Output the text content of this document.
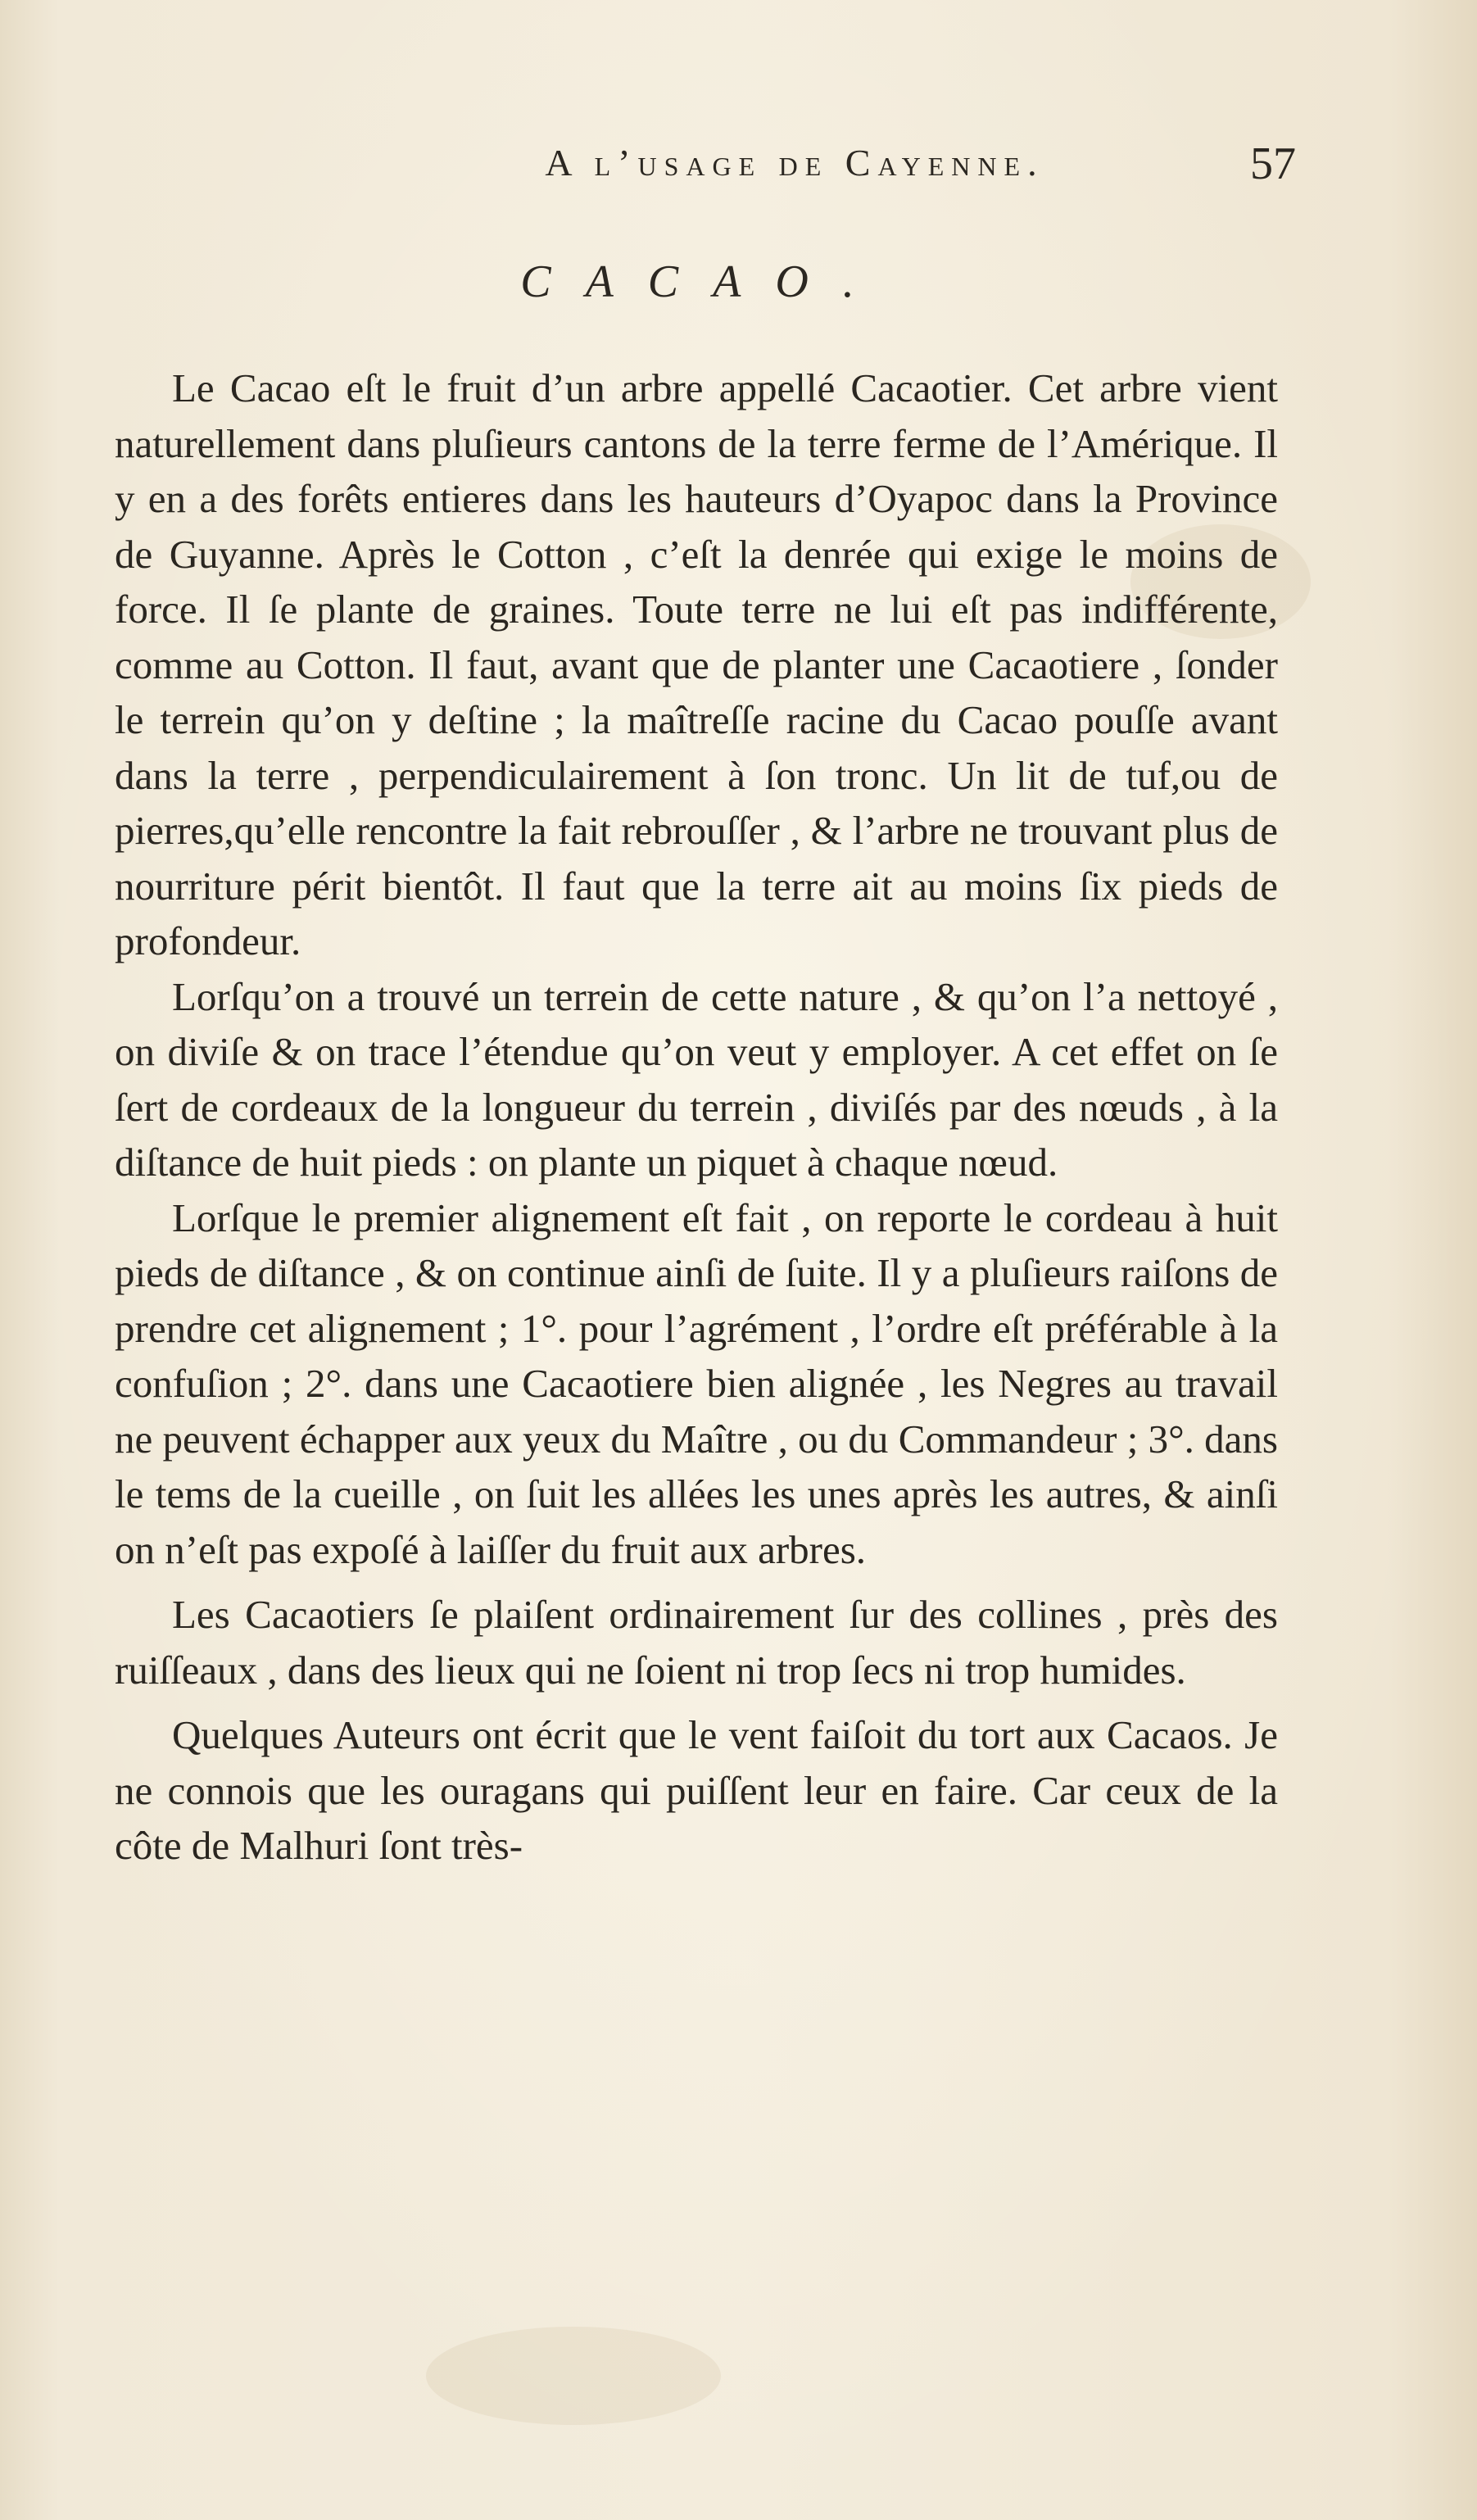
A l’usage de Cayenne.	57
CACAO.

Le Cacao eſt le fruit d’un arbre appellé Cacaotier. Cet arbre vient naturellement dans pluſieurs cantons de la terre ferme de l’Amérique. Il y en a des forêts entieres dans les hauteurs d’Oyapoc dans la Province de Guyanne. Après le Cotton , c’eſt la denrée qui exige le moins de force. Il ſe plante de graines. Toute terre ne lui eſt pas indifférente, comme au Cotton. Il faut, avant que de planter une Cacaotiere , ſonder le terrein qu’on y deſtine ; la maîtreſſe racine du Cacao pouſſe avant dans la terre , perpendiculairement à ſon tronc. Un lit de tuf,ou de pierres,qu’elle rencontre la fait rebrouſſer , & l’arbre ne trouvant plus de nourriture périt bientôt. Il faut que la terre ait au moins ſix pieds de profondeur.

Lorſqu’on a trouvé un terrein de cette nature , & qu’on l’a nettoyé , on diviſe & on trace l’étendue qu’on veut y employer. A cet effet on ſe ſert de cordeaux de la longueur du terrein , diviſés par des nœuds , à la diſtance de huit pieds : on plante un piquet à chaque nœud.

Lorſque le premier alignement eſt fait , on reporte le cordeau à huit pieds de diſtance , & on continue ainſi de ſuite. Il y a pluſieurs raiſons de prendre cet alignement ; 1°. pour l’agrément , l’ordre eſt préférable à la confuſion ; 2°. dans une Cacaotiere bien alignée , les Negres au travail ne peuvent échapper aux yeux du Maître , ou du Commandeur ; 3°. dans le tems de la cueille , on ſuit les allées les unes après les autres, & ainſi on n’eſt pas expoſé à laiſſer du fruit aux arbres.

Les Cacaotiers ſe plaiſent ordinairement ſur des collines , près des ruiſſeaux , dans des lieux qui ne ſoient ni trop ſecs ni trop humides.

Quelques Auteurs ont écrit que le vent faiſoit du tort aux Cacaos. Je ne connois que les ouragans qui puiſſent leur en faire. Car ceux de la côte de Malhuri ſont très-
